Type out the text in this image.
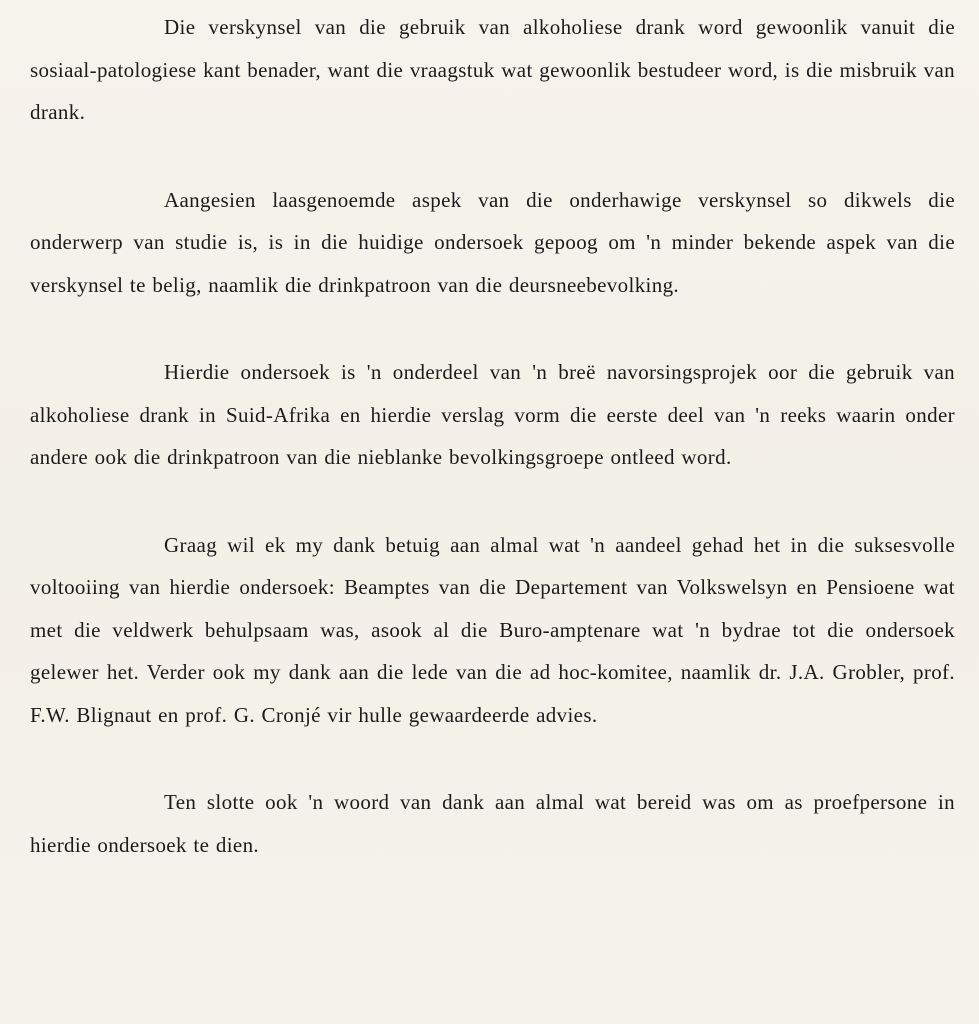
Die verskynsel van die gebruik van alkoholiese drank word gewoonlik vanuit die sosiaal-patologiese kant benader, want die vraagstuk wat gewoonlik bestudeer word, is die misbruik van drank.

Aangesien laasgenoemde aspek van die onderhawige verskynsel so dikwels die onderwerp van studie is, is in die huidige ondersoek gepoog om 'n minder bekende aspek van die verskynsel te belig, naamlik die drinkpatroon van die deursneebevolking.

Hierdie ondersoek is 'n onderdeel van 'n breë navorsingsprojek oor die gebruik van alkoholiese drank in Suid-Afrika en hierdie verslag vorm die eerste deel van 'n reeks waarin onder andere ook die drinkpatroon van die nieblanke bevolkingsgroepe ontleed word.

Graag wil ek my dank betuig aan almal wat 'n aandeel gehad het in die suksesvolle voltooiing van hierdie ondersoek: Beamptes van die Departement van Volkswelsyn en Pensioene wat met die veldwerk behulpsaam was, asook al die Buro-amptenare wat 'n bydrae tot die ondersoek gelewer het. Verder ook my dank aan die lede van die ad hoc-komitee, naamlik dr. J.A. Grobler, prof. F.W. Blignaut en prof. G. Cronjé vir hulle gewaardeerde advies.

Ten slotte ook 'n woord van dank aan almal wat bereid was om as proefpersone in hierdie ondersoek te dien.
